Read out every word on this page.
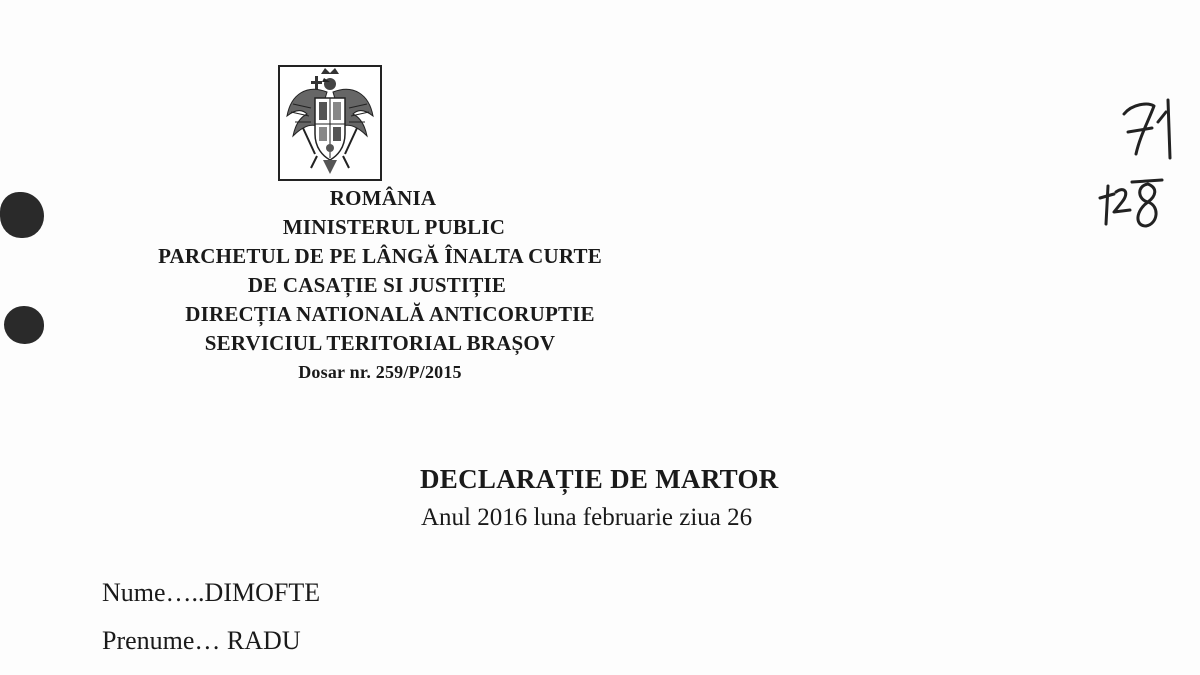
ROMÂNIA
MINISTERUL PUBLIC
PARCHETUL DE PE LÂNGĂ ÎNALTA CURTE
DE CASAȚIE SI JUSTIȚIE
DIRECȚIA NATIONALĂ ANTICORUPTIE
SERVICIUL TERITORIAL BRAȘOV
Dosar nr. 259/P/2015
DECLARAȚIE DE MARTOR
Anul 2016 luna februarie ziua 26
Nume…..DIMOFTE
Prenume… RADU
